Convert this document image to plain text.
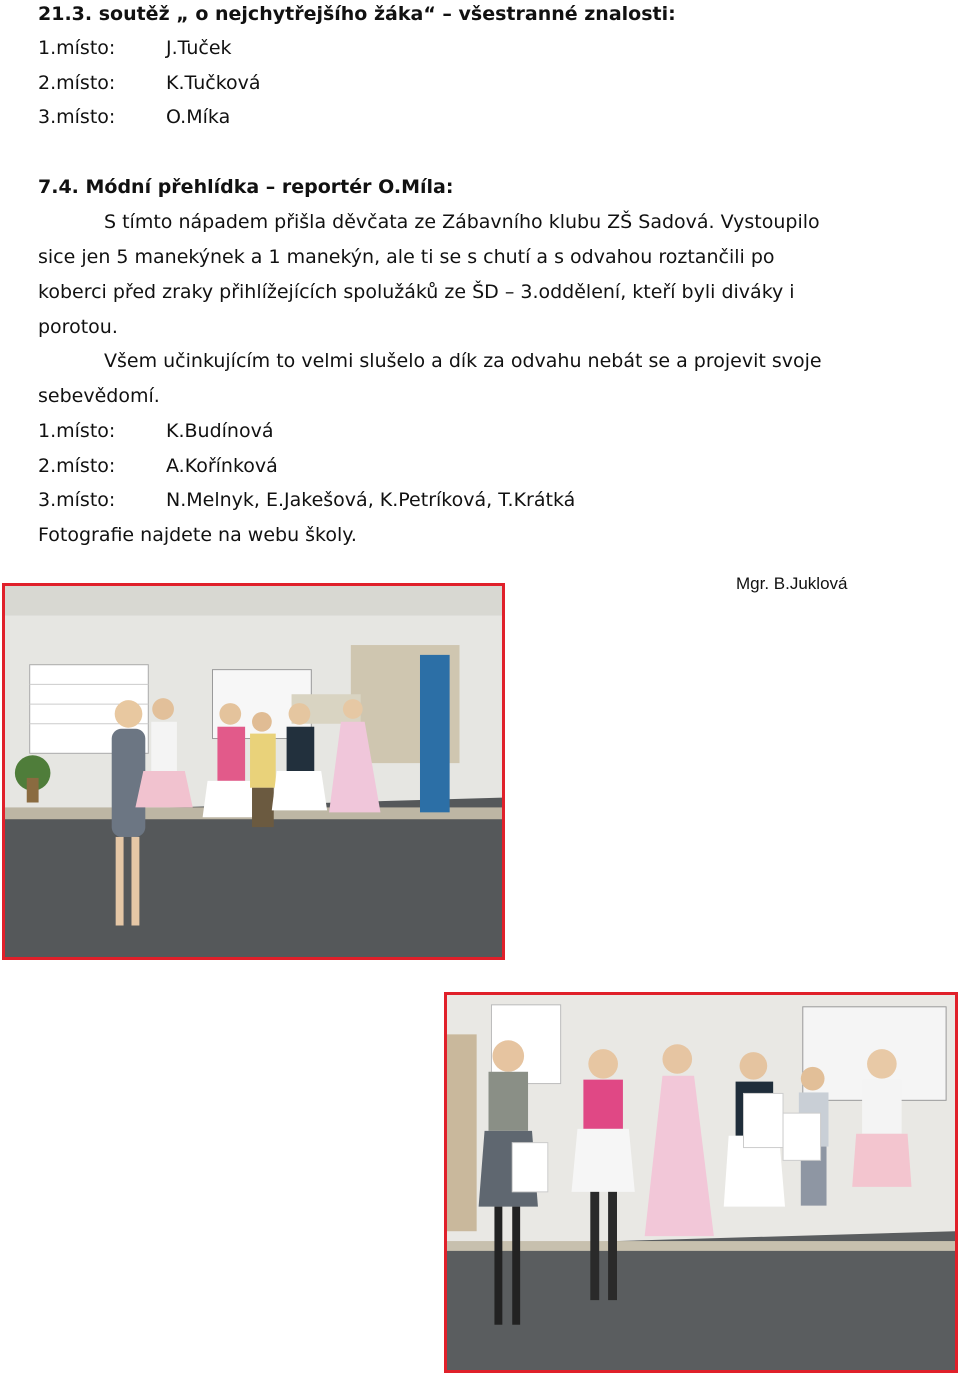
21.3. soutěž „ o nejchytřejšího žáka“ – všestranné znalosti:
1.místo:	J.Tuček
2.místo:	K.Tučková
3.místo:	O.Míka
7.4. Módní přehlídka – reportér O.Míla:
S tímto nápadem přišla děvčata ze Zábavního klubu ZŠ Sadová. Vystoupilo
sice jen 5 manekýnek a 1 manekýn, ale ti se s chutí a s odvahou roztančili po
koberci před zraky přihlížejících spolužáků ze ŠD – 3.oddělení, kteří byli diváky i
porotou.
Všem učinkujícím to velmi slušelo a dík za odvahu nebát se a projevit svoje
sebevědomí.
1.místo:	K.Budínová
2.místo:	A.Kořínková
3.místo:	N.Melnyk, E.Jakešová, K.Petríková, T.Krátká
Fotografie najdete na webu školy.
Mgr. B.Juklová
